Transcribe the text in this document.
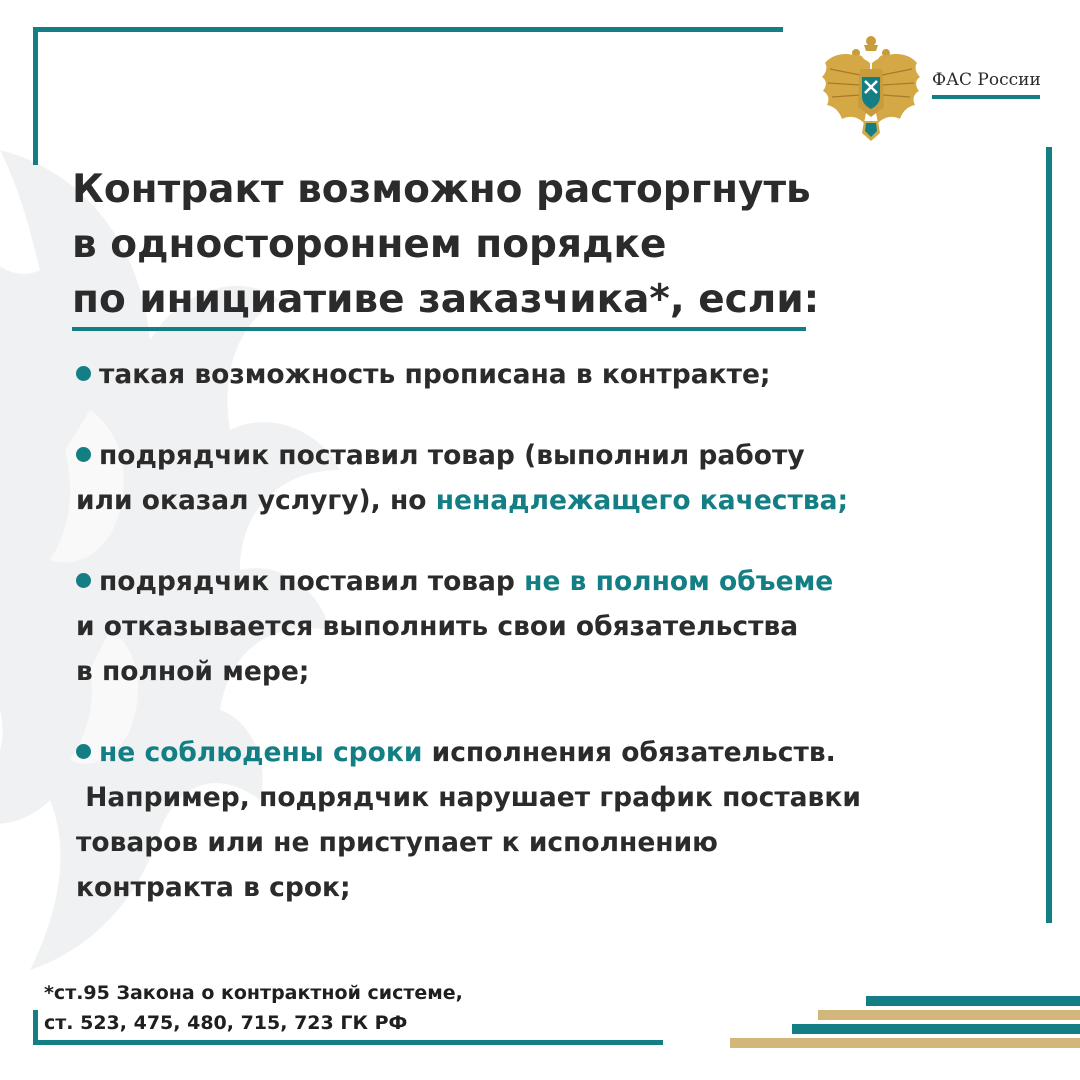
ФАС России
Контракт возможно расторгнуть
в одностороннем порядке
по инициативе заказчика*, если:
такая возможность прописана в контракте;
подрядчик поставил товар (выполнил работу
или оказал услугу), но ненадлежащего качества;
подрядчик поставил товар не в полном объеме
и отказывается выполнить свои обязательства
в полной мере;
не соблюдены сроки исполнения обязательств.
Например, подрядчик нарушает график поставки
товаров или не приступает к исполнению
контракта в срок;
*ст.95 Закона о контрактной системе,
ст. 523, 475, 480, 715, 723 ГК РФ
